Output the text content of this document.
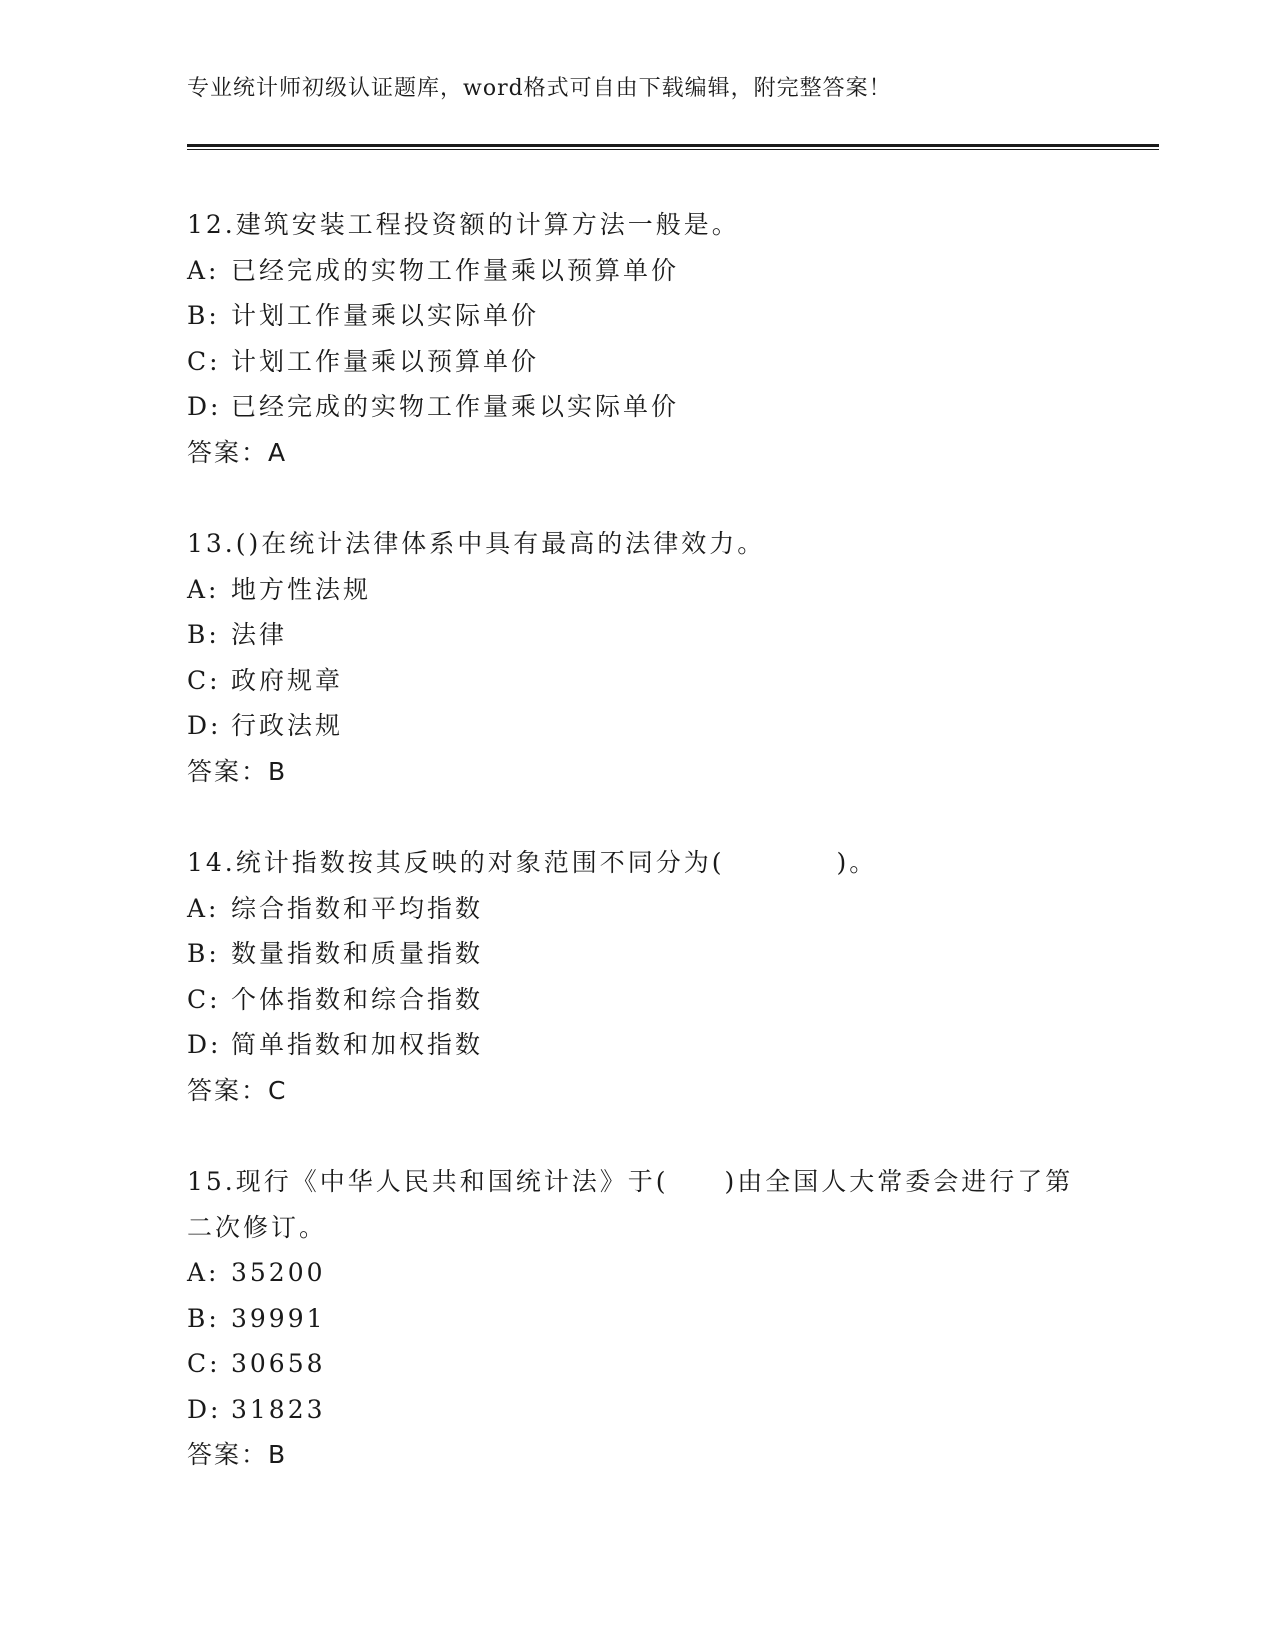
专业统计师初级认证题库，word格式可自由下载编辑，附完整答案！
12.建筑安装工程投资额的计算方法一般是。
A: 已经完成的实物工作量乘以预算单价
B: 计划工作量乘以实际单价
C: 计划工作量乘以预算单价
D: 已经完成的实物工作量乘以实际单价
答案：A
13.()在统计法律体系中具有最高的法律效力。
A: 地方性法规
B: 法律
C: 政府规章
D: 行政法规
答案：B
14.统计指数按其反映的对象范围不同分为(　　　　)。
A: 综合指数和平均指数
B: 数量指数和质量指数
C: 个体指数和综合指数
D: 简单指数和加权指数
答案：C
15.现行《中华人民共和国统计法》于(　　)由全国人大常委会进行了第二次修订。
A: 35200
B: 39991
C: 30658
D: 31823
答案：B
